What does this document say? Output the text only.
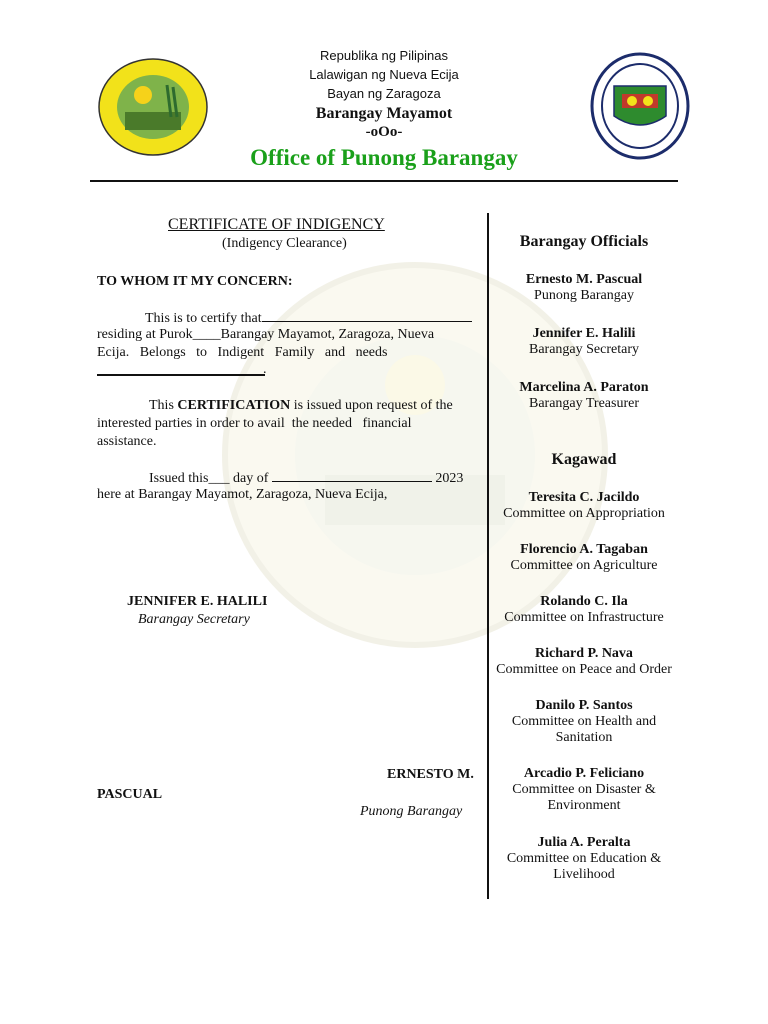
Republika ng Pilipinas
Lalawigan ng Nueva Ecija
Bayan ng Zaragoza
Barangay Mayamot
-oOo-
Office of Punong Barangay
CERTIFICATE OF INDIGENCY
(Indigency Clearance)
TO WHOM IT MY CONCERN:
This is to certify that
residing at Purok____Barangay Mayamot, Zaragoza, Nueva
Ecija.   Belongs   to   Indigent   Family   and   needs
.
This CERTIFICATION is issued upon request of the
interested parties in order to avail  the needed   financial
assistance.
Issued this___ day of	2023
here at Barangay Mayamot, Zaragoza, Nueva Ecija,
JENNIFER E. HALILI
Barangay Secretary
ERNESTO M.
PASCUAL
Punong Barangay
Barangay Officials
Ernesto M. Pascual
Punong Barangay
Jennifer E. Halili
Barangay Secretary
Marcelina A. Paraton
Barangay Treasurer
Kagawad
Teresita C. Jacildo
Committee on Appropriation
Florencio A. Tagaban
Committee on Agriculture
Rolando C. Ila
Committee on Infrastructure
Richard P. Nava
Committee on Peace and Order
Danilo P. Santos
Committee on Health and
Sanitation
Arcadio P. Feliciano
Committee on Disaster &
Environment
Julia A. Peralta
Committee on Education &
Livelihood
